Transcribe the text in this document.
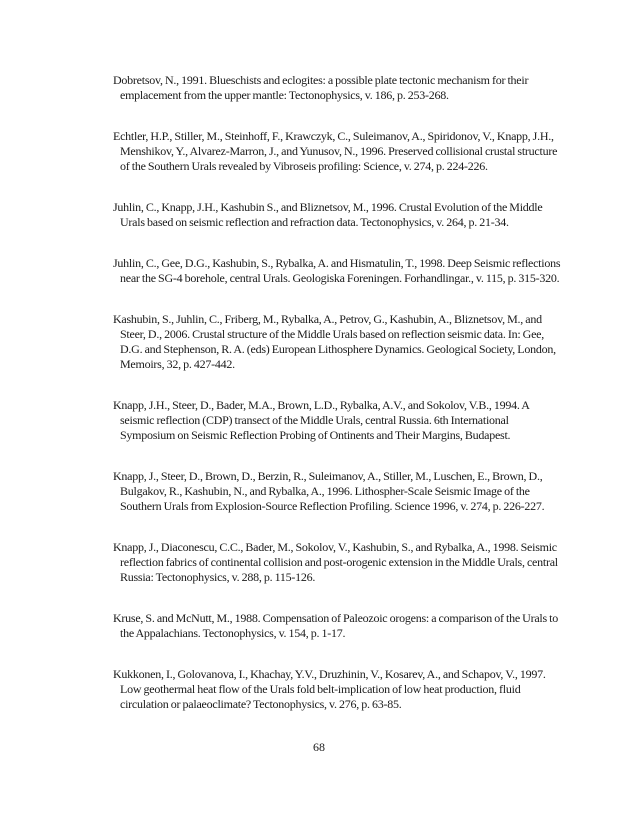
Dobretsov, N., 1991. Blueschists and eclogites: a possible plate tectonic mechanism for their emplacement from the upper mantle: Tectonophysics, v. 186, p. 253-268.
Echtler, H.P., Stiller, M., Steinhoff, F., Krawczyk, C., Suleimanov, A., Spiridonov, V., Knapp, J.H., Menshikov, Y., Alvarez-Marron, J., and Yunusov, N., 1996. Preserved collisional crustal structure of the Southern Urals revealed by Vibroseis profiling: Science, v. 274, p. 224-226.
Juhlin, C., Knapp, J.H., Kashubin S., and Bliznetsov, M., 1996. Crustal Evolution of the Middle Urals based on seismic reflection and refraction data. Tectonophysics, v. 264, p. 21-34.
Juhlin, C., Gee, D.G., Kashubin, S., Rybalka, A. and Hismatulin, T., 1998. Deep Seismic reflections near the SG-4 borehole, central Urals. Geologiska Foreningen. Forhandlingar., v. 115, p. 315-320.
Kashubin, S., Juhlin, C., Friberg, M., Rybalka, A., Petrov, G., Kashubin, A., Bliznetsov, M., and Steer, D., 2006. Crustal structure of the Middle Urals based on reflection seismic data. In: Gee, D.G. and Stephenson, R. A. (eds) European Lithosphere Dynamics. Geological Society, London, Memoirs, 32, p. 427-442.
Knapp, J.H., Steer, D., Bader, M.A., Brown, L.D., Rybalka, A.V., and Sokolov, V.B., 1994. A seismic reflection (CDP) transect of the Middle Urals, central Russia. 6th International Symposium on Seismic Reflection Probing of Ontinents and Their Margins, Budapest.
Knapp, J., Steer, D., Brown, D., Berzin, R., Suleimanov, A., Stiller, M., Luschen, E., Brown, D., Bulgakov, R., Kashubin, N., and Rybalka, A., 1996. Lithospher-Scale Seismic Image of the Southern Urals from Explosion-Source Reflection Profiling. Science 1996, v. 274, p. 226-227.
Knapp, J., Diaconescu, C.C., Bader, M., Sokolov, V., Kashubin, S., and Rybalka, A., 1998. Seismic reflection fabrics of continental collision and post-orogenic extension in the Middle Urals, central Russia: Tectonophysics, v. 288, p. 115-126.
Kruse, S. and McNutt, M., 1988. Compensation of Paleozoic orogens: a comparison of the Urals to the Appalachians. Tectonophysics, v. 154, p. 1-17.
Kukkonen, I., Golovanova, I., Khachay, Y.V., Druzhinin, V., Kosarev, A., and Schapov, V., 1997. Low geothermal heat flow of the Urals fold belt-implication of low heat production, fluid circulation or palaeoclimate? Tectonophysics, v. 276, p. 63-85.
68
